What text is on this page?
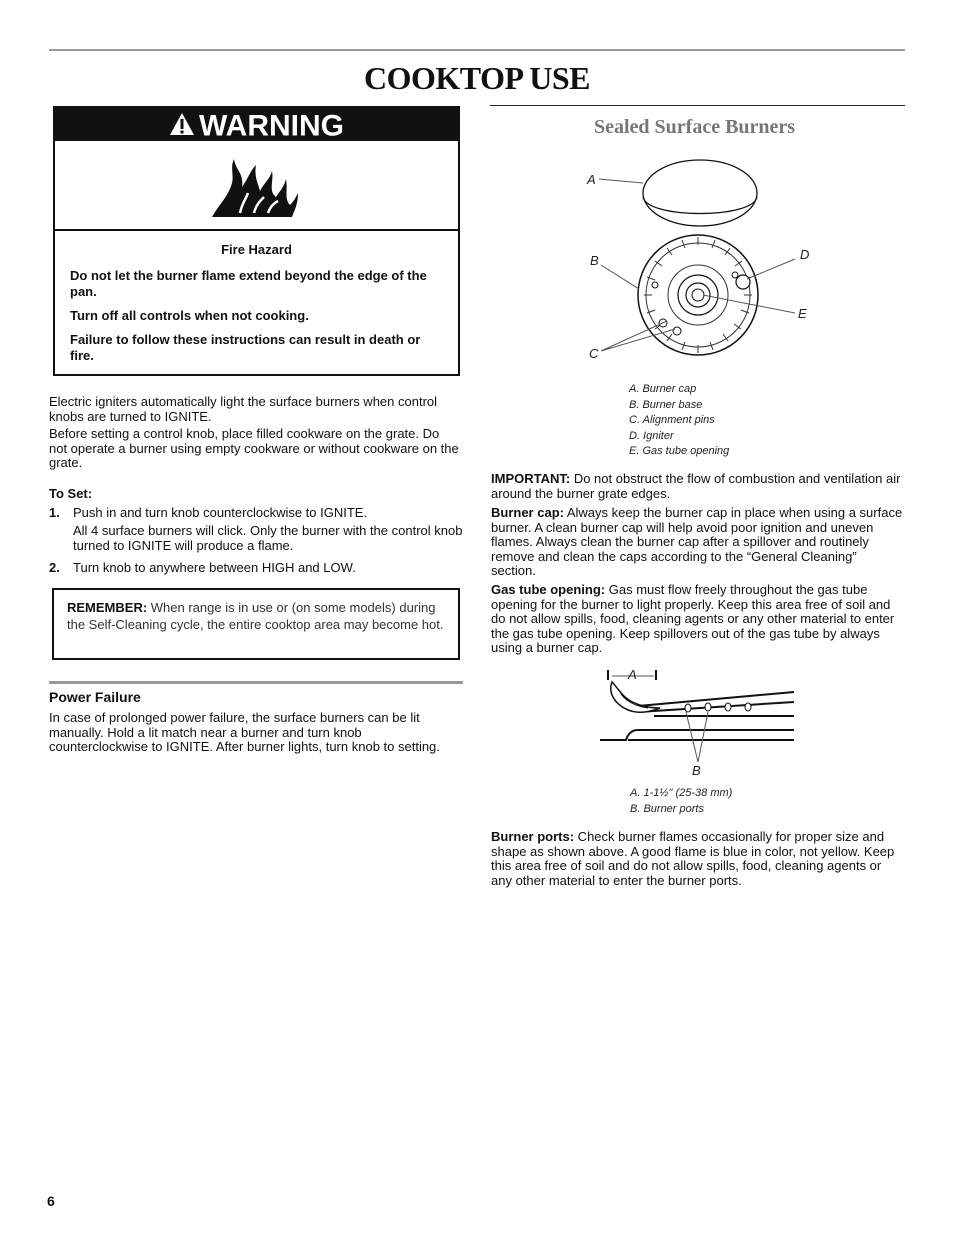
COOKTOP USE
WARNING
Fire Hazard
Do not let the burner flame extend beyond the edge of the pan.
Turn off all controls when not cooking.
Failure to follow these instructions can result in death or fire.
Electric igniters automatically light the surface burners when control knobs are turned to IGNITE.
Before setting a control knob, place filled cookware on the grate. Do not operate a burner using empty cookware or without cookware on the grate.
To Set:
1. Push in and turn knob counterclockwise to IGNITE.
All 4 surface burners will click. Only the burner with the control knob turned to IGNITE will produce a flame.
2. Turn knob to anywhere between HIGH and LOW.
REMEMBER: When range is in use or (on some models) during the Self-Cleaning cycle, the entire cooktop area may become hot.
Power Failure
In case of prolonged power failure, the surface burners can be lit manually. Hold a lit match near a burner and turn knob counterclockwise to IGNITE. After burner lights, turn knob to setting.
Sealed Surface Burners
A
B
C
D
E
A. Burner cap
B. Burner base
C. Alignment pins
D. Igniter
E. Gas tube opening
IMPORTANT: Do not obstruct the flow of combustion and ventilation air around the burner grate edges.
Burner cap: Always keep the burner cap in place when using a surface burner. A clean burner cap will help avoid poor ignition and uneven flames. Always clean the burner cap after a spillover and routinely remove and clean the caps according to the “General Cleaning” section.
Gas tube opening: Gas must flow freely throughout the gas tube opening for the burner to light properly. Keep this area free of soil and do not allow spills, food, cleaning agents or any other material to enter the gas tube opening. Keep spillovers out of the gas tube by always using a burner cap.
A
B
A. 1-1½" (25-38 mm)
B. Burner ports
Burner ports: Check burner flames occasionally for proper size and shape as shown above. A good flame is blue in color, not yellow. Keep this area free of soil and do not allow spills, food, cleaning agents or any other material to enter the burner ports.
6
